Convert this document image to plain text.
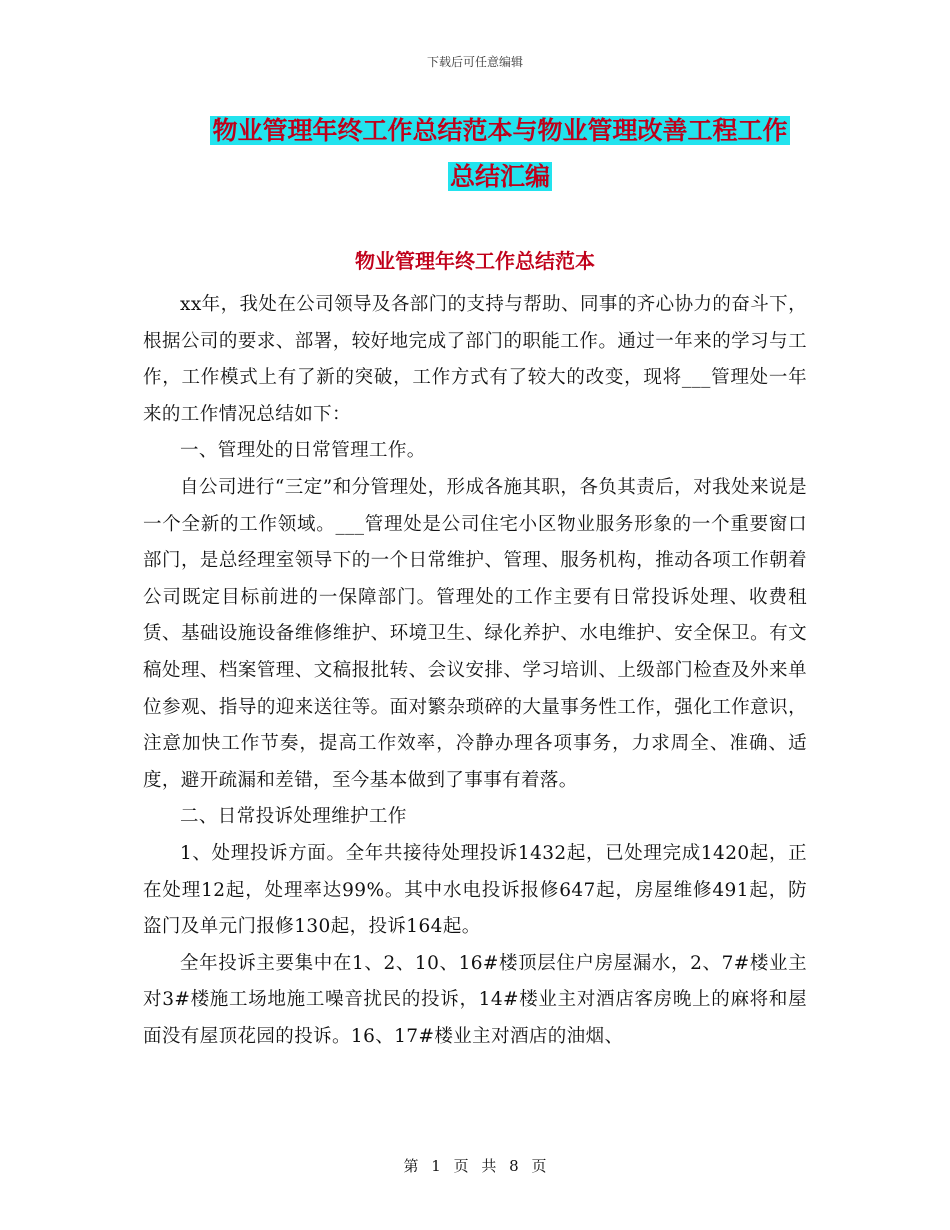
下载后可任意编辑
物业管理年终工作总结范本与物业管理改善工程工作
总结汇编
物业管理年终工作总结范本

xx年，我处在公司领导及各部门的支持与帮助、同事的齐心协力的奋斗下，根据公司的要求、部署，较好地完成了部门的职能工作。通过一年来的学习与工作，工作模式上有了新的突破，工作方式有了较大的改变，现将___管理处一年来的工作情况总结如下：

一、管理处的日常管理工作。

自公司进行“三定”和分管理处，形成各施其职，各负其责后，对我处来说是一个全新的工作领域。___管理处是公司住宅小区物业服务形象的一个重要窗口部门，是总经理室领导下的一个日常维护、管理、服务机构，推动各项工作朝着公司既定目标前进的一保障部门。管理处的工作主要有日常投诉处理、收费租赁、基础设施设备维修维护、环境卫生、绿化养护、水电维护、安全保卫。有文稿处理、档案管理、文稿报批转、会议安排、学习培训、上级部门检查及外来单位参观、指导的迎来送往等。面对繁杂琐碎的大量事务性工作，强化工作意识，注意加快工作节奏，提高工作效率，冷静办理各项事务，力求周全、准确、适度，避开疏漏和差错，至今基本做到了事事有着落。

二、日常投诉处理维护工作

1、处理投诉方面。全年共接待处理投诉1432起，已处理完成1420起，正在处理12起，处理率达99%。其中水电投诉报修647起，房屋维修491起，防盗门及单元门报修130起，投诉164起。

全年投诉主要集中在1、2、10、16#楼顶层住户房屋漏水，2、7#楼业主对3#楼施工场地施工噪音扰民的投诉，14#楼业主对酒店客房晚上的麻将和屋面没有屋顶花园的投诉。16、17#楼业主对酒店的油烟、

第 1 页 共 8 页
